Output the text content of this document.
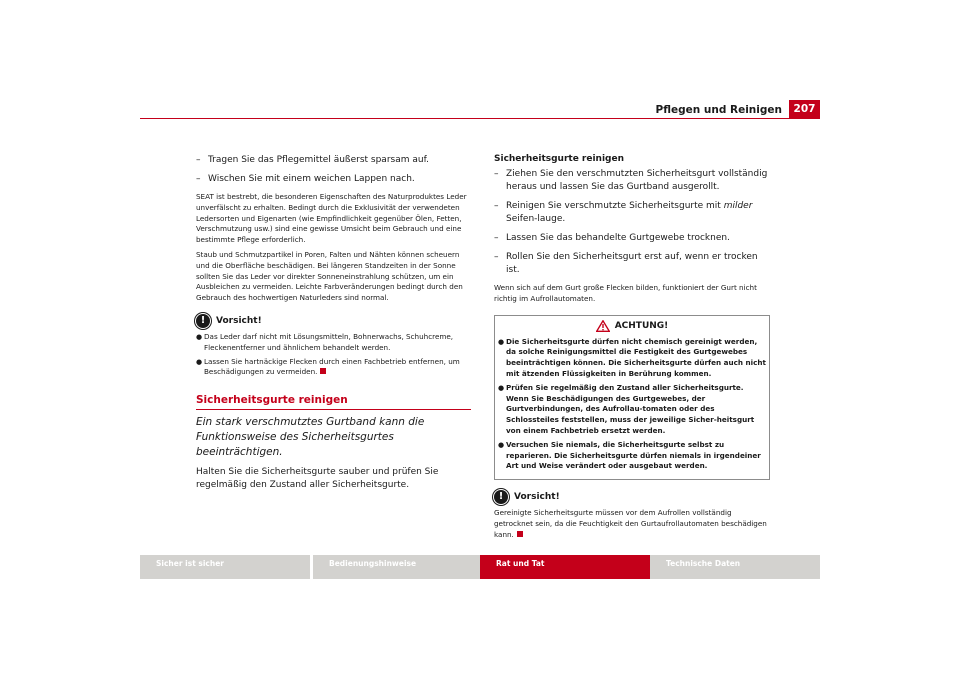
Pflegen und Reinigen	207
– Tragen Sie das Pflegemittel äußerst sparsam auf.
– Wischen Sie mit einem weichen Lappen nach.

SEAT ist bestrebt, die besonderen Eigenschaften des Naturproduktes Leder unverfälscht zu erhalten. Bedingt durch die Exklusivität der verwendeten Ledersorten und Eigenarten (wie Empfindlichkeit gegenüber Ölen, Fetten, Verschmutzung usw.) sind eine gewisse Umsicht beim Gebrauch und eine bestimmte Pflege erforderlich.

Staub und Schmutzpartikel in Poren, Falten und Nähten können scheuern und die Oberfläche beschädigen. Bei längeren Standzeiten in der Sonne sollten Sie das Leder vor direkter Sonneneinstrahlung schützen, um ein Ausbleichen zu vermeiden. Leichte Farbveränderungen bedingt durch den Gebrauch des hochwertigen Naturleders sind normal.

!	Vorsicht!
● Das Leder darf nicht mit Lösungsmitteln, Bohnerwachs, Schuhcreme, Fleckenentferner und ähnlichem behandelt werden.
● Lassen Sie hartnäckige Flecken durch einen Fachbetrieb entfernen, um Beschädigungen zu vermeiden.
Sicherheitsgurte reinigen
Ein stark verschmutztes Gurtband kann die Funktionsweise des Sicherheitsgurtes beeinträchtigen.
Halten Sie die Sicherheitsgurte sauber und prüfen Sie regelmäßig den Zustand aller Sicherheitsgurte.
Sicherheitsgurte reinigen
– Ziehen Sie den verschmutzten Sicherheitsgurt vollständig heraus und lassen Sie das Gurtband ausgerollt.
– Reinigen Sie verschmutzte Sicherheitsgurte mit milder Seifen-lauge.
– Lassen Sie das behandelte Gurtgewebe trocknen.
– Rollen Sie den Sicherheitsgurt erst auf, wenn er trocken ist.

Wenn sich auf dem Gurt große Flecken bilden, funktioniert der Gurt nicht richtig im Aufrollautomaten.

ACHTUNG!
● Die Sicherheitsgurte dürfen nicht chemisch gereinigt werden, da solche Reinigungsmittel die Festigkeit des Gurtgewebes beeinträchtigen können. Die Sicherheitsgurte dürfen auch nicht mit ätzenden Flüssigkeiten in Berührung kommen.
● Prüfen Sie regelmäßig den Zustand aller Sicherheitsgurte. Wenn Sie Beschädigungen des Gurtgewebes, der Gurtverbindungen, des Aufrollau-tomaten oder des Schlossteiles feststellen, muss der jeweilige Sicher-heitsgurt von einem Fachbetrieb ersetzt werden.
● Versuchen Sie niemals, die Sicherheitsgurte selbst zu reparieren. Die Sicherheitsgurte dürfen niemals in irgendeiner Art und Weise verändert oder ausgebaut werden.
!	Vorsicht!

Gereinigte Sicherheitsgurte müssen vor dem Aufrollen vollständig getrocknet sein, da die Feuchtigkeit den Gurtaufrollautomaten beschädigen kann.

Sicher ist sicher	Bedienungshinweise	Rat und Tat	Technische Daten
